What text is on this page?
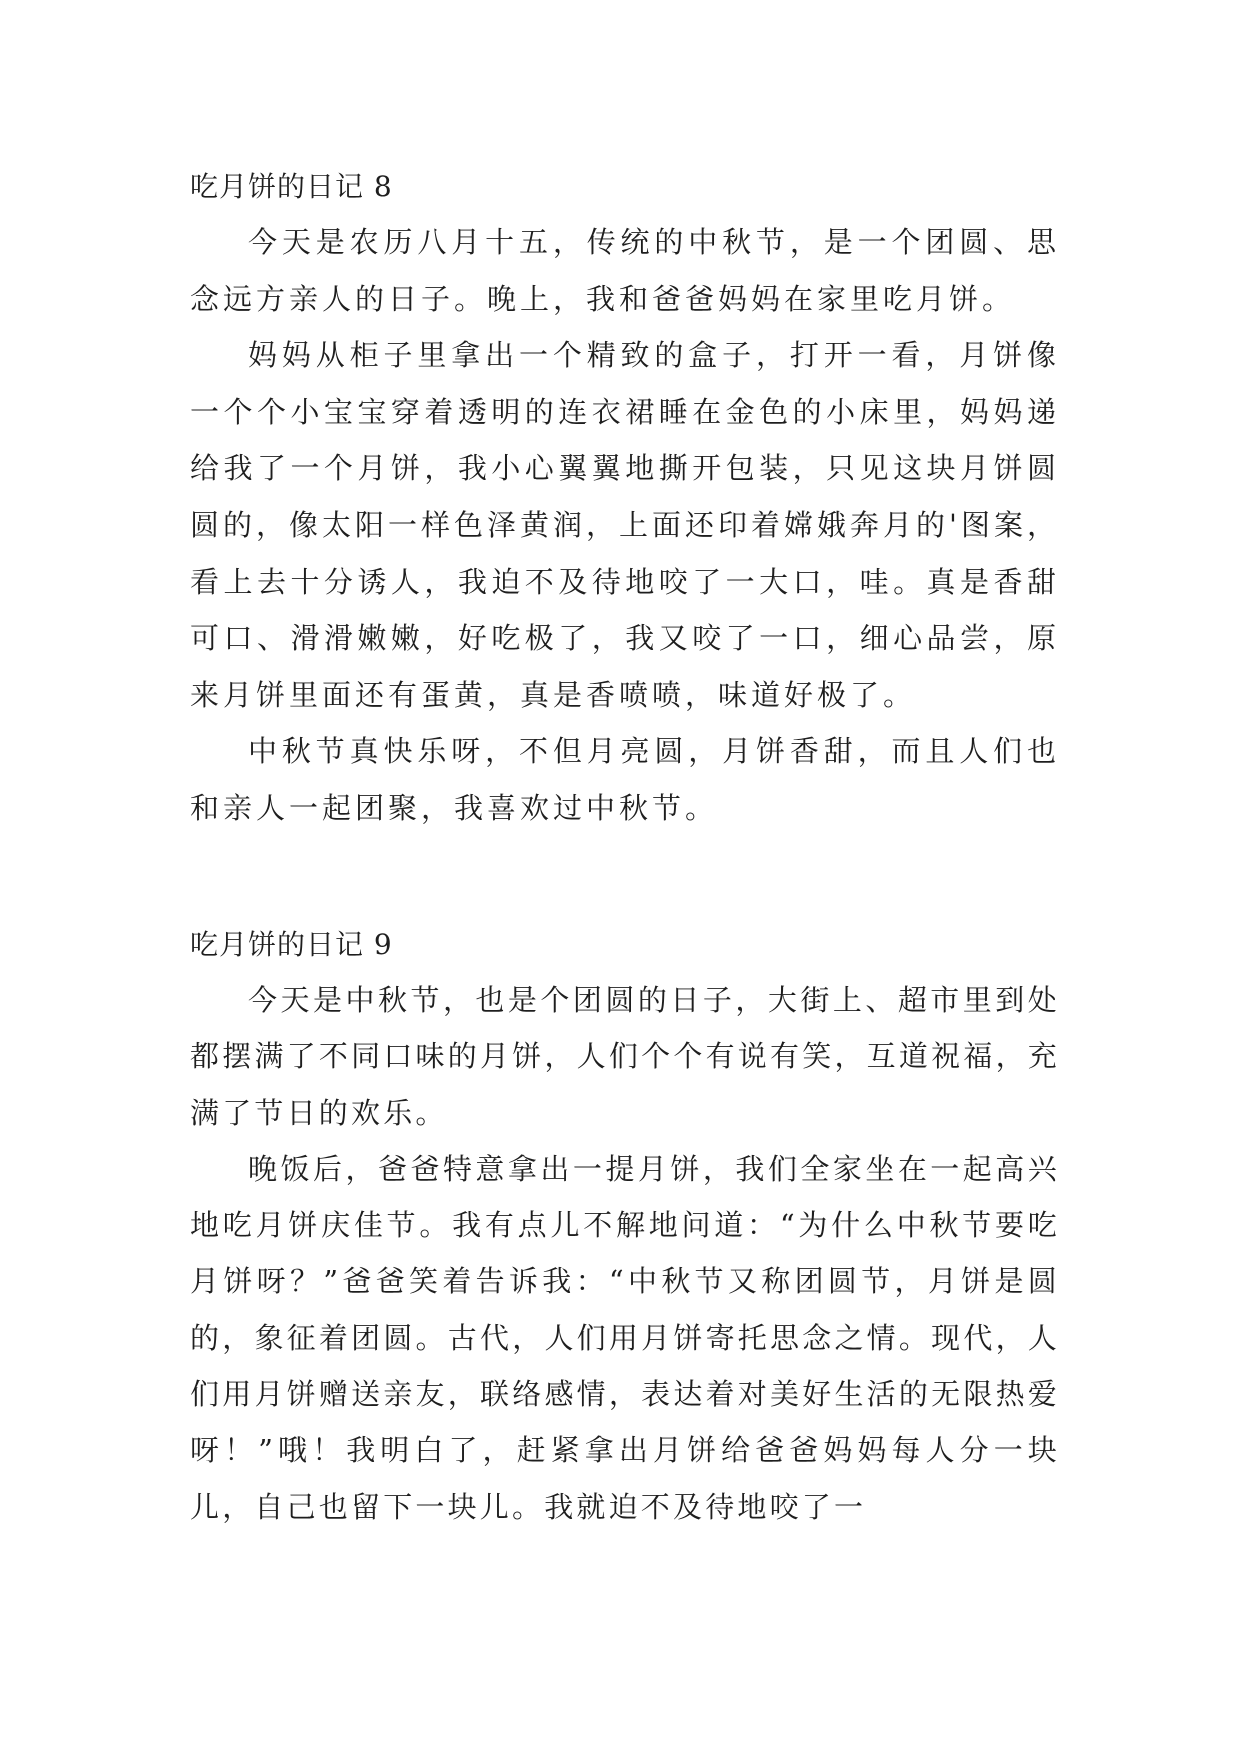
吃月饼的日记 8

今天是农历八月十五，传统的中秋节，是一个团圆、思念远方亲人的日子。晚上，我和爸爸妈妈在家里吃月饼。

妈妈从柜子里拿出一个精致的盒子，打开一看，月饼像一个个小宝宝穿着透明的连衣裙睡在金色的小床里，妈妈递给我了一个月饼，我小心翼翼地撕开包装，只见这块月饼圆圆的，像太阳一样色泽黄润，上面还印着嫦娥奔月的'图案，看上去十分诱人，我迫不及待地咬了一大口，哇。真是香甜可口、滑滑嫩嫩，好吃极了，我又咬了一口，细心品尝，原来月饼里面还有蛋黄，真是香喷喷，味道好极了。

中秋节真快乐呀，不但月亮圆，月饼香甜，而且人们也和亲人一起团聚，我喜欢过中秋节。

吃月饼的日记 9

今天是中秋节，也是个团圆的日子，大街上、超市里到处都摆满了不同口味的月饼，人们个个有说有笑，互道祝福，充满了节日的欢乐。

晚饭后，爸爸特意拿出一提月饼，我们全家坐在一起高兴地吃月饼庆佳节。我有点儿不解地问道：“为什么中秋节要吃月饼呀？”爸爸笑着告诉我：“中秋节又称团圆节，月饼是圆的，象征着团圆。古代，人们用月饼寄托思念之情。现代，人们用月饼赠送亲友，联络感情，表达着对美好生活的无限热爱呀！”哦！我明白了，赶紧拿出月饼给爸爸妈妈每人分一块儿，自己也留下一块儿。我就迫不及待地咬了一
